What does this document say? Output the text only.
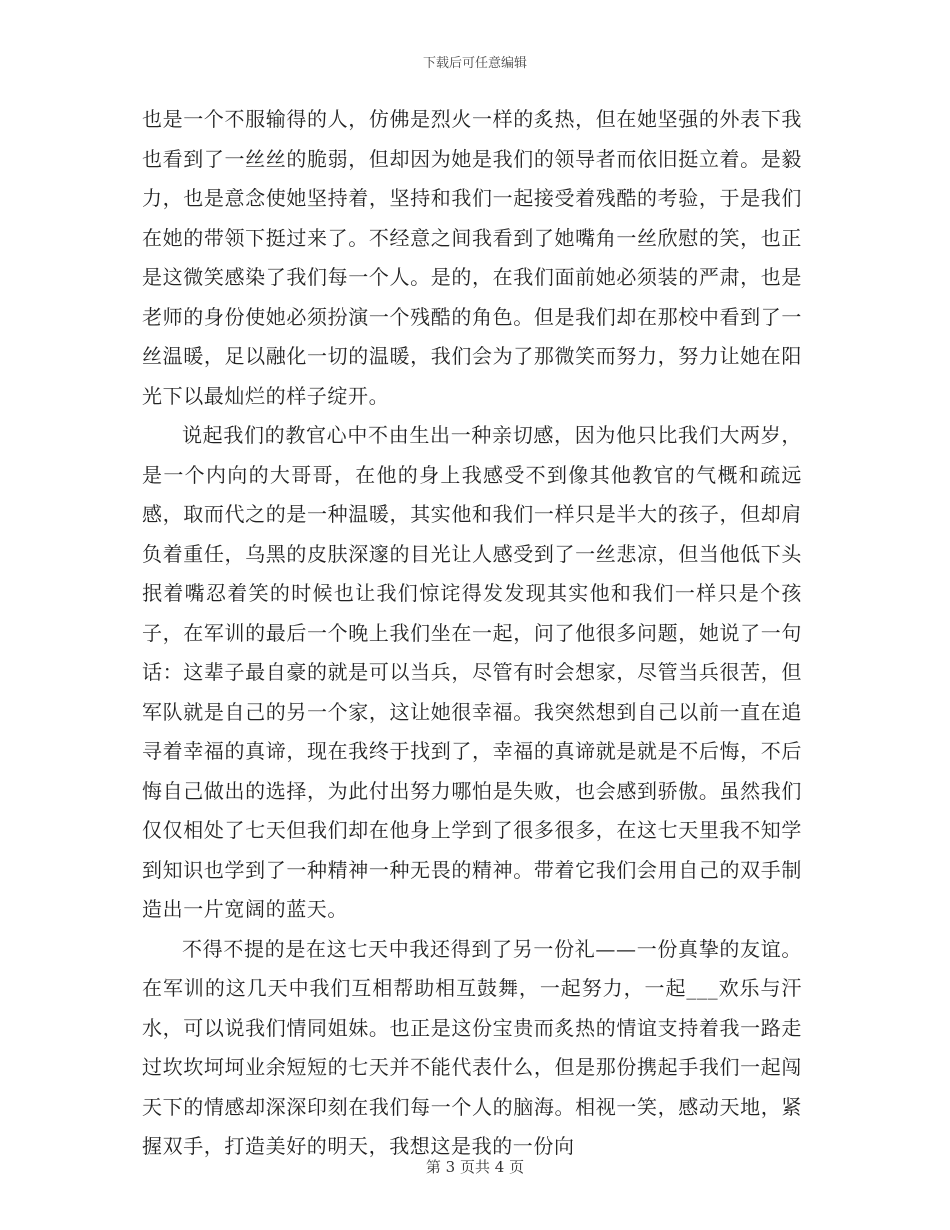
下载后可任意编辑

也是一个不服输得的人，仿佛是烈火一样的炙热，但在她坚强的外表下我也看到了一丝丝的脆弱，但却因为她是我们的领导者而依旧挺立着。是毅力，也是意念使她坚持着，坚持和我们一起接受着残酷的考验，于是我们在她的带领下挺过来了。不经意之间我看到了她嘴角一丝欣慰的笑，也正是这微笑感染了我们每一个人。是的，在我们面前她必须装的严肃，也是老师的身份使她必须扮演一个残酷的角色。但是我们却在那校中看到了一丝温暖，足以融化一切的温暖，我们会为了那微笑而努力，努力让她在阳光下以最灿烂的样子绽开。

说起我们的教官心中不由生出一种亲切感，因为他只比我们大两岁，是一个内向的大哥哥，在他的身上我感受不到像其他教官的气概和疏远感，取而代之的是一种温暖，其实他和我们一样只是半大的孩子，但却肩负着重任，乌黑的皮肤深邃的目光让人感受到了一丝悲凉，但当他低下头抿着嘴忍着笑的时候也让我们惊诧得发发现其实他和我们一样只是个孩子，在军训的最后一个晚上我们坐在一起，问了他很多问题，她说了一句话：这辈子最自豪的就是可以当兵，尽管有时会想家，尽管当兵很苦，但军队就是自己的另一个家，这让她很幸福。我突然想到自己以前一直在追寻着幸福的真谛，现在我终于找到了，幸福的真谛就是就是不后悔，不后悔自己做出的选择，为此付出努力哪怕是失败，也会感到骄傲。虽然我们仅仅相处了七天但我们却在他身上学到了很多很多，在这七天里我不知学到知识也学到了一种精神一种无畏的精神。带着它我们会用自己的双手制造出一片宽阔的蓝天。

不得不提的是在这七天中我还得到了另一份礼——一份真挚的友谊。在军训的这几天中我们互相帮助相互鼓舞，一起努力，一起___欢乐与汗水，可以说我们情同姐妹。也正是这份宝贵而炙热的情谊支持着我一路走过坎坎坷坷业余短短的七天并不能代表什么，但是那份携起手我们一起闯天下的情感却深深印刻在我们每一个人的脑海。相视一笑，感动天地，紧握双手，打造美好的明天，我想这是我的一份向

第 3 页共 4 页
